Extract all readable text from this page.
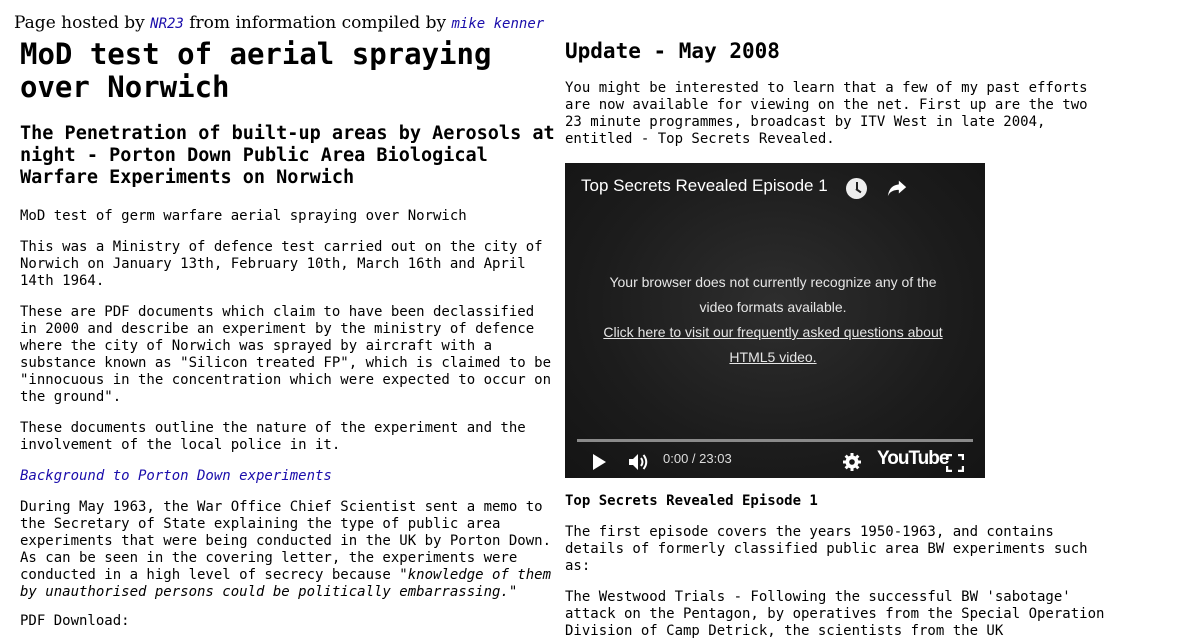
Page hosted by NR23 from information compiled by mike kenner
MoD test of aerial spraying over Norwich
The Penetration of built-up areas by Aerosols at night - Porton Down Public Area Biological Warfare Experiments on Norwich

MoD test of germ warfare aerial spraying over Norwich

This was a Ministry of defence test carried out on the city of Norwich on January 13th, February 10th, March 16th and April 14th 1964.

These are PDF documents which claim to have been declassified in 2000 and describe an experiment by the ministry of defence where the city of Norwich was sprayed by aircraft with a substance known as "Silicon treated FP", which is claimed to be "innocuous in the concentration which were expected to occur on the ground".

These documents outline the nature of the experiment and the involvement of the local police in it.

Background to Porton Down experiments

During May 1963, the War Office Chief Scientist sent a memo to the Secretary of State explaining the type of public area experiments that were being conducted in the UK by Porton Down. As can be seen in the covering letter, the experiments were conducted in a high level of secrecy because "knowledge of them by unauthorised persons could be politically embarrassing."

PDF Download:

Update - May 2008

You might be interested to learn that a few of my past efforts are now available for viewing on the net. First up are the two 23 minute programmes, broadcast by ITV West in late 2004, entitled - Top Secrets Revealed.

Top Secrets Revealed Episode 1

The first episode covers the years 1950-1963, and contains details of formerly classified public area BW experiments such as:

The Westwood Trials - Following the successful BW 'sabotage' attack on the Pentagon, by operatives from the Special Operation Division of Camp Detrick, the scientists from the UK

Top Secrets Revealed Episode 1
Your browser does not currently recognize any of the video formats available.
Click here to visit our frequently asked questions about HTML5 video.
0:00 / 23:03	YouTube
